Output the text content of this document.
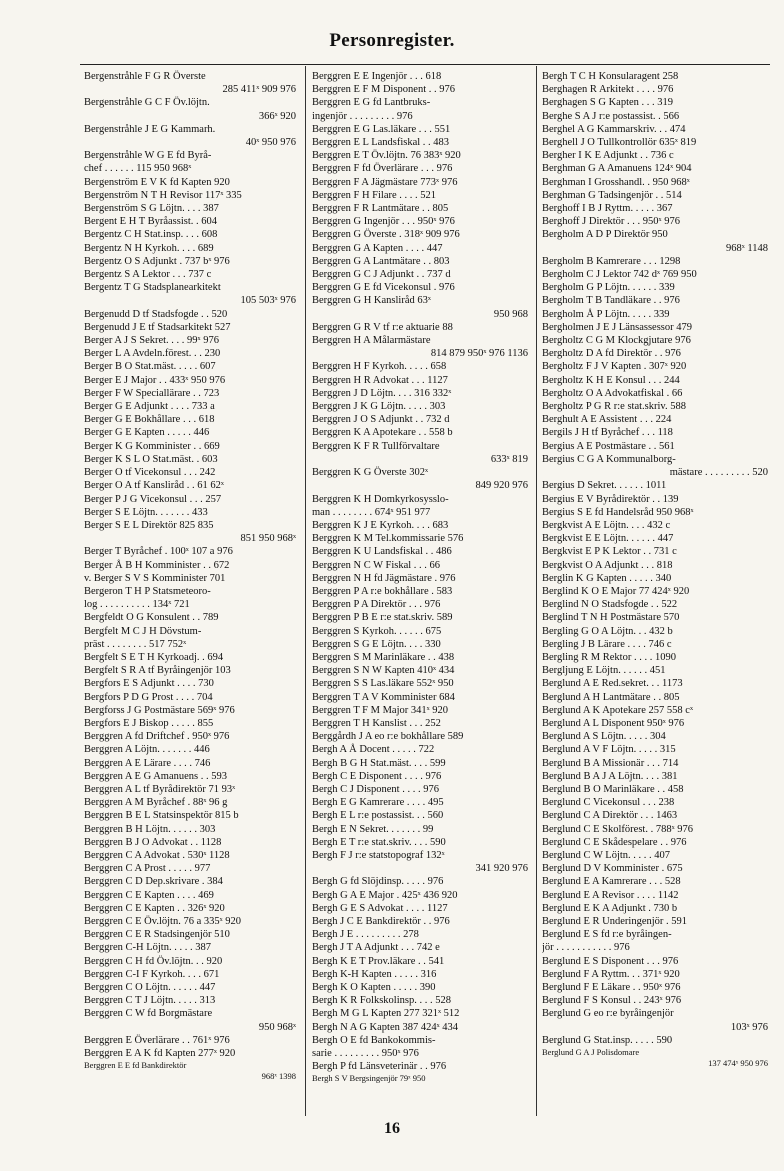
Personregister.
Bergenstråhle F G R Överste
285 411ˣ 909 976
Bergenstråhle G C F Öv.löjtn.
366ˣ 920
Bergenstråhle J E G Kammarh.
40ˣ 950 976
Bergenstråhle W G E fd Byrå-
chef . . . . . . 115 950 968ˣ
Bergenström E V K fd Kapten 920
Bergenström N T H Revisor 117ˣ 335
Bergenström S G Löjtn. . . . 387
Bergent E H T Byråassist. . 604
Bergentz C H Stat.insp. . . . 608
Bergentz N H Kyrkoh. . . . 689
Bergentz O S Adjunkt . 737 bˣ 976
Bergentz S A Lektor . . . 737 c
Bergentz T G Stadsplanearkitekt
105 503ˣ 976
Bergenudd D tf Stadsfogde . . 520
Bergenudd J E tf Stadsarkitekt 527
Berger A J S Sekret. . . . 99ˣ 976
Berger L A Avdeln.förest. . . 230
Berger B O Stat.mäst. . . . . 607
Berger E J Major . . 433ˣ 950 976
Berger F W Speciallärare . . 723
Berger G E Adjunkt . . . . 733 a
Berger G E Bokhållare . . . 618
Berger G E Kapten . . . . . 446
Berger K G Komminister . . 669
Berger K S L O Stat.mäst. . 603
Berger O tf Vicekonsul . . . 242
Berger O A tf Kansliråd . . 61 62ˣ
Berger P J G Vicekonsul . . . 257
Berger S E Löjtn. . . . . . . 433
Berger S E L Direktör 825 835
851 950 968ˣ
Berger T Byråchef . 100ˣ 107 a 976
Berger Å B H Komminister . . 672
v. Berger S V S Komminister 701
Bergeron T H P Statsmeteoro-
log . . . . . . . . . . 134ˣ 721
Bergfeldt O G Konsulent . . 789
Bergfelt M C J H Dövstum-
präst . . . . . . . . 517 752ˣ
Bergfelt S E T H Kyrkoadj. . 694
Bergfelt S R A tf Byråingenjör 103
Bergfors E S Adjunkt . . . . 730
Bergfors P D G Prost . . . . 704
Bergforss J G Postmästare 569ˣ 976
Bergfors E J Biskop . . . . . 855
Berggren A fd Driftchef . 950ˣ 976
Berggren A Löjtn. . . . . . . 446
Berggren A E Lärare . . . . 746
Berggren A E G Amanuens . . 593
Berggren A L tf Byrådirektör 71 93ˣ
Berggren A M Byråchef . 88ˣ 96 g
Berggren B E L Statsinspektör 815 b
Berggren B H Löjtn. . . . . . 303
Berggren B J O Advokat . . 1128
Berggren C A Advokat . 530ˣ 1128
Berggren C A Prost . . . . . 977
Berggren C D Dep.skrivare . 384
Berggren C E Kapten . . . . 469
Berggren C E Kapten . . 326ˣ 920
Berggren C E Öv.löjtn. 76 a 335ˣ 920
Berggren C E R Stadsingenjör 510
Berggren C-H Löjtn. . . . . 387
Berggren C H fd Öv.löjtn. . . 920
Berggren C-I F Kyrkoh. . . . 671
Berggren C O Löjtn. . . . . . 447
Berggren C T J Löjtn. . . . . 313
Berggren C W fd Borgmästare
950 968ˣ
Berggren E Överlärare . . 761ˣ 976
Berggren E A K fd Kapten 277ˣ 920
Berggren E E fd Bankdirektör
968ˣ 1398
Berggren E E Ingenjör . . . 618
Berggren E F M Disponent . . 976
Berggren E G fd Lantbruks-
ingenjör . . . . . . . . . 976
Berggren E G Las.läkare . . . 551
Berggren E L Landsfiskal . . 483
Berggren E T Öv.löjtn. 76 383ˣ 920
Berggren F fd Överlärare . . . 976
Berggren F A Jägmästare 773ˣ 976
Berggren F H Filare . . . . 521
Berggren F R Lantmätare . . 805
Berggren G Ingenjör . . . 950ˣ 976
Berggren G Överste . 318ˣ 909 976
Berggren G A Kapten . . . . 447
Berggren G A Lantmätare . . 803
Berggren G C J Adjunkt . . 737 d
Berggren G E fd Vicekonsul . 976
Berggren G H Kansliråd 63ˣ
950 968
Berggren G R V tf r:e aktuarie 88
Berggren H A Målarmästare
814 879 950ˣ 976 1136
Berggren H F Kyrkoh. . . . . 658
Berggren H R Advokat . . . 1127
Berggren J D Löjtn. . . . 316 332ˣ
Berggren J K G Löjtn. . . . . 303
Berggren J O S Adjunkt . . 732 d
Berggren K A Apotekare . . 558 b
Berggren K F R Tullförvaltare
633ˣ 819
Berggren K G Överste 302ˣ
849 920 976
Berggren K H Domkyrkosysslo-
man . . . . . . . . 674ˣ 951 977
Berggren K J E Kyrkoh. . . . 683
Berggren K M Tel.kommissarie 576
Berggren K U Landsfiskal . . 486
Berggren N C W Fiskal . . . 66
Berggren N H fd Jägmästare . 976
Berggren P A r:e bokhållare . 583
Berggren P A Direktör . . . 976
Berggren P B E r:e stat.skriv. 589
Berggren S Kyrkoh. . . . . . 675
Berggren S G E Löjtn. . . . 330
Berggren S M Marinläkare . . 438
Berggren S N W Kapten 410ˣ 434
Berggren S S Las.läkare 552ˣ 950
Berggren T A V Komminister 684
Berggren T F M Major 341ˣ 920
Berggren T H Kanslist . . . 252
Berggårdh J A eo r:e bokhållare 589
Bergh A Å Docent . . . . . 722
Bergh B G H Stat.mäst. . . . 599
Bergh C E Disponent . . . . 976
Bergh C J Disponent . . . . 976
Bergh E G Kamrerare . . . . 495
Bergh E L r:e postassist. . . 560
Bergh E N Sekret. . . . . . . 99
Bergh E T r:e stat.skriv. . . . 590
Bergh F J r:e statstopograf 132ˣ
341 920 976
Bergh G fd Slöjdinsp. . . . . 976
Bergh G A E Major . 425ˣ 436 920
Bergh G E S Advokat . . . . 1127
Bergh J C E Bankdirektör . . 976
Bergh J E . . . . . . . . . 278
Bergh J T A Adjunkt . . . 742 e
Bergh K E T Prov.läkare . . 541
Bergh K-H Kapten . . . . . 316
Bergh K O Kapten . . . . . 390
Bergh K R Folkskolinsp. . . . 528
Bergh M G L Kapten 277 321ˣ 512
Bergh N A G Kapten 387 424ˣ 434
Bergh O E fd Bankokommis-
sarie . . . . . . . . . 950ˣ 976
Bergh P fd Länsveterinär . . 976
Bergh S V Bergsingenjör 79ˣ 950
Bergh T C H Konsularagent 258
Berghagen R Arkitekt . . . . 976
Berghagen S G Kapten . . . 319
Berghe S A J r:e postassist. . 566
Berghel A G Kammarskriv. . . 474
Berghell J O Tullkontrollör 635ˣ 819
Bergher I K E Adjunkt . . 736 c
Berghman G A Amanuens 124ˣ 904
Berghman I Grosshandl. . 950 968ˣ
Berghman G Tadsingenjör . . 514
Berghoff I B J Ryttm. . . . . 367
Berghoff J Direktör . . . 950ˣ 976
Bergholm A D P Direktör 950
968ˣ 1148
Bergholm B Kamrerare . . . 1298
Bergholm C J Lektor 742 dˣ 769 950
Bergholm G P Löjtn. . . . . . 339
Bergholm T B Tandläkare . . 976
Bergholm Å P Löjtn. . . . . 339
Bergholmen J E J Länsassessor 479
Bergholtz C G M Klockgjutare 976
Bergholtz D A fd Direktör . . 976
Bergholtz F J V Kapten . 307ˣ 920
Bergholtz K H E Konsul . . . 244
Bergholtz O A Advokatfiskal . 66
Bergholtz P G R r:e stat.skriv. 588
Berghult A E Assistent . . . 224
Bergils J H tf Byråchef . . . 118
Bergius A E Postmästare . . 561
Bergius C G A Kommunalborg-
mästare . . . . . . . . . 520
Bergius D Sekret. . . . . . 1011
Bergius E V Byrådirektör . . 139
Bergius S E fd Handelsråd 950 968ˣ
Bergkvist A E Löjtn. . . . 432 c
Bergkvist E E Löjtn. . . . . . 447
Bergkvist E P K Lektor . . 731 c
Bergkvist O A Adjunkt . . . 818
Berglin K G Kapten . . . . . 340
Berglind K O E Major 77 424ˣ 920
Berglind N O Stadsfogde . . 522
Berglind T N H Postmästare 570
Bergling G O A Löjtn. . . 432 b
Bergling J B Lärare . . . . 746 c
Bergling R M Rektor . . . . 1090
Bergljung E Löjtn. . . . . . 451
Berglund A E Red.sekret. . . 1173
Berglund A H Lantmätare . . 805
Berglund A K Apotekare 257 558 cˣ
Berglund A L Disponent 950ˣ 976
Berglund A S Löjtn. . . . . 304
Berglund A V F Löjtn. . . . . 315
Berglund B A Missionär . . . 714
Berglund B A J A Löjtn. . . . 381
Berglund B O Marinläkare . . 458
Berglund C Vicekonsul . . . 238
Berglund C A Direktör . . . 1463
Berglund C E Skolförest. . 788ˣ 976
Berglund C E Skådespelare . . 976
Berglund C W Löjtn. . . . . 407
Berglund D V Komminister . 675
Berglund E A Kamrerare . . . 528
Berglund E A Revisor . . . . 1142
Berglund E K A Adjunkt . 730 b
Berglund E R Underingenjör . 591
Berglund E S fd r:e byråingen-
jör . . . . . . . . . . . 976
Berglund E S Disponent . . . 976
Berglund F A Ryttm. . . 371ˣ 920
Berglund F E Läkare . . 950ˣ 976
Berglund F S Konsul . . 243ˣ 976
Berglund G eo r:e byråingenjör
103ˣ 976
Berglund G Stat.insp. . . . . 590
Berglund G A J Polisdomare
137 474ˣ 950 976
16
